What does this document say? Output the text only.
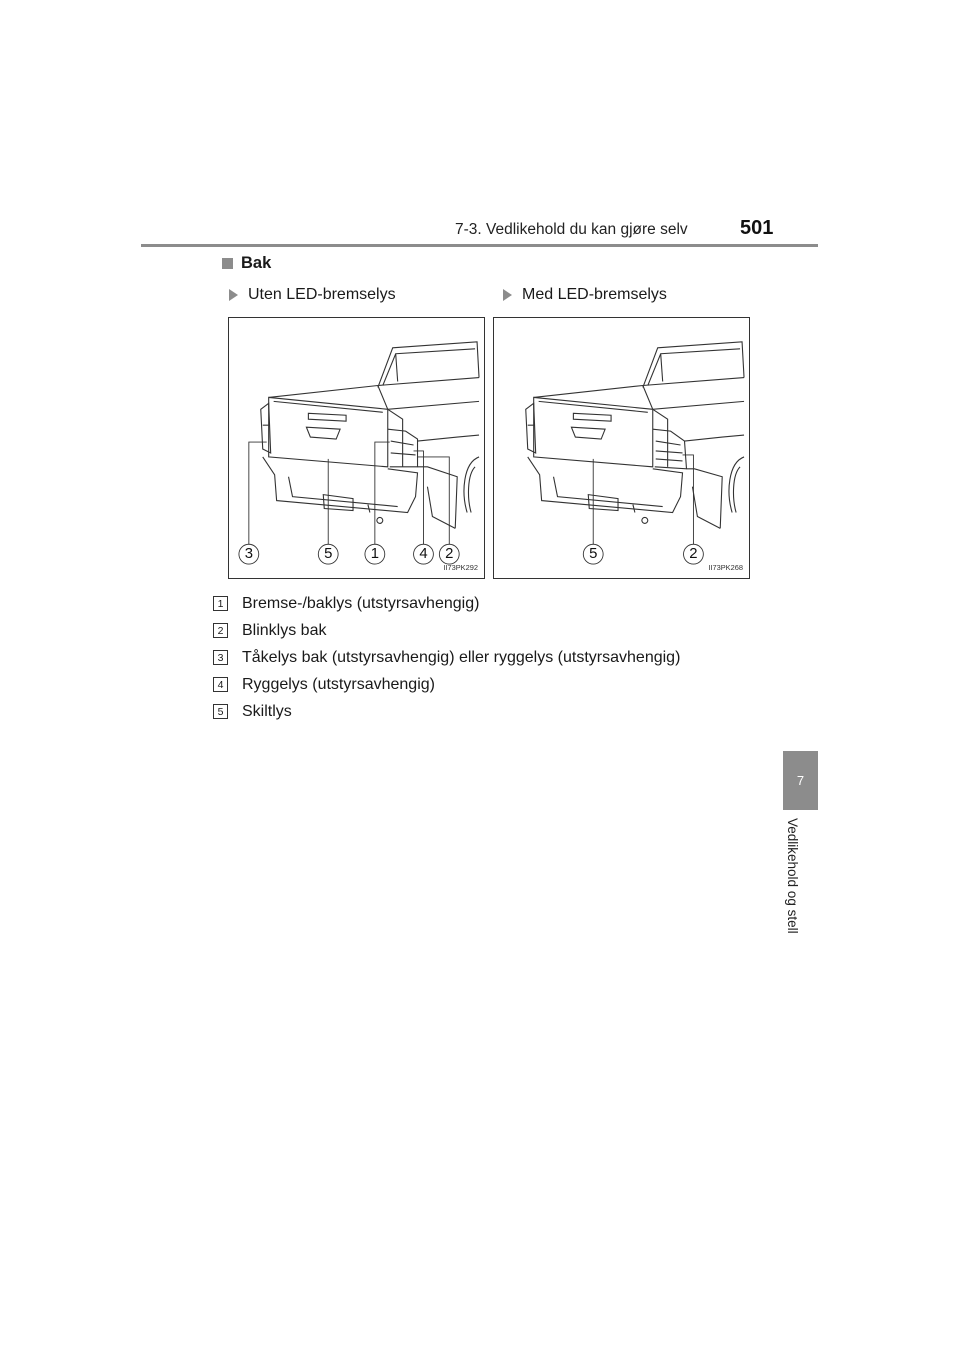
7-3. Vedlikehold du kan gjøre selv	501
7
Vedlikehold og stell
Bak
Uten LED-bremselys	Med LED-bremselys
3	5	1	4 2
II73PK292
5	2
II73PK268
1 Bremse-/baklys (utstyrsavhengig)
2 Blinklys bak
3 Tåkelys bak (utstyrsavhengig) eller ryggelys (utstyrsavhengig)
4 Ryggelys (utstyrsavhengig)
5 Skiltlys
